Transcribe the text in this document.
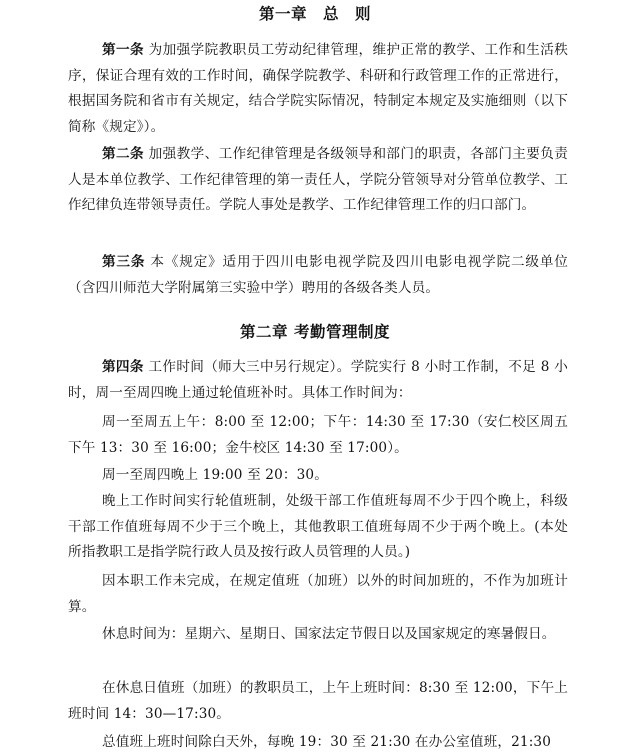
第一章　总　则
第一条 为加强学院教职员工劳动纪律管理，维护正常的教学、工作和生活秩序，保证合理有效的工作时间，确保学院教学、科研和行政管理工作的正常进行，根据国务院和省市有关规定，结合学院实际情况，特制定本规定及实施细则（以下简称《规定》）。
第二条 加强教学、工作纪律管理是各级领导和部门的职责，各部门主要负责人是本单位教学、工作纪律管理的第一责任人，学院分管领导对分管单位教学、工作纪律负连带领导责任。学院人事处是教学、工作纪律管理工作的归口部门。
第三条 本《规定》适用于四川电影电视学院及四川电影电视学院二级单位（含四川师范大学附属第三实验中学）聘用的各级各类人员。
第二章 考勤管理制度
第四条 工作时间（师大三中另行规定）。学院实行 8 小时工作制，不足 8 小时，周一至周四晚上通过轮值班补时。具体工作时间为：
周一至周五上午：8:00 至 12:00；下午：14:30 至 17:30（安仁校区周五下午 13：30 至 16:00；金牛校区 14:30 至 17:00）。
周一至周四晚上 19:00 至 20：30。
晚上工作时间实行轮值班制，处级干部工作值班每周不少于四个晚上，科级干部工作值班每周不少于三个晚上，其他教职工值班每周不少于两个晚上。(本处所指教职工是指学院行政人员及按行政人员管理的人员。)
因本职工作未完成，在规定值班（加班）以外的时间加班的，不作为加班计算。
休息时间为：星期六、星期日、国家法定节假日以及国家规定的寒暑假日。
在休息日值班（加班）的教职员工，上午上班时间：8:30 至 12:00，下午上班时间 14：30—17:30。
总值班上班时间除白天外，每晚 19：30 至 21:30 在办公室值班，21:30
